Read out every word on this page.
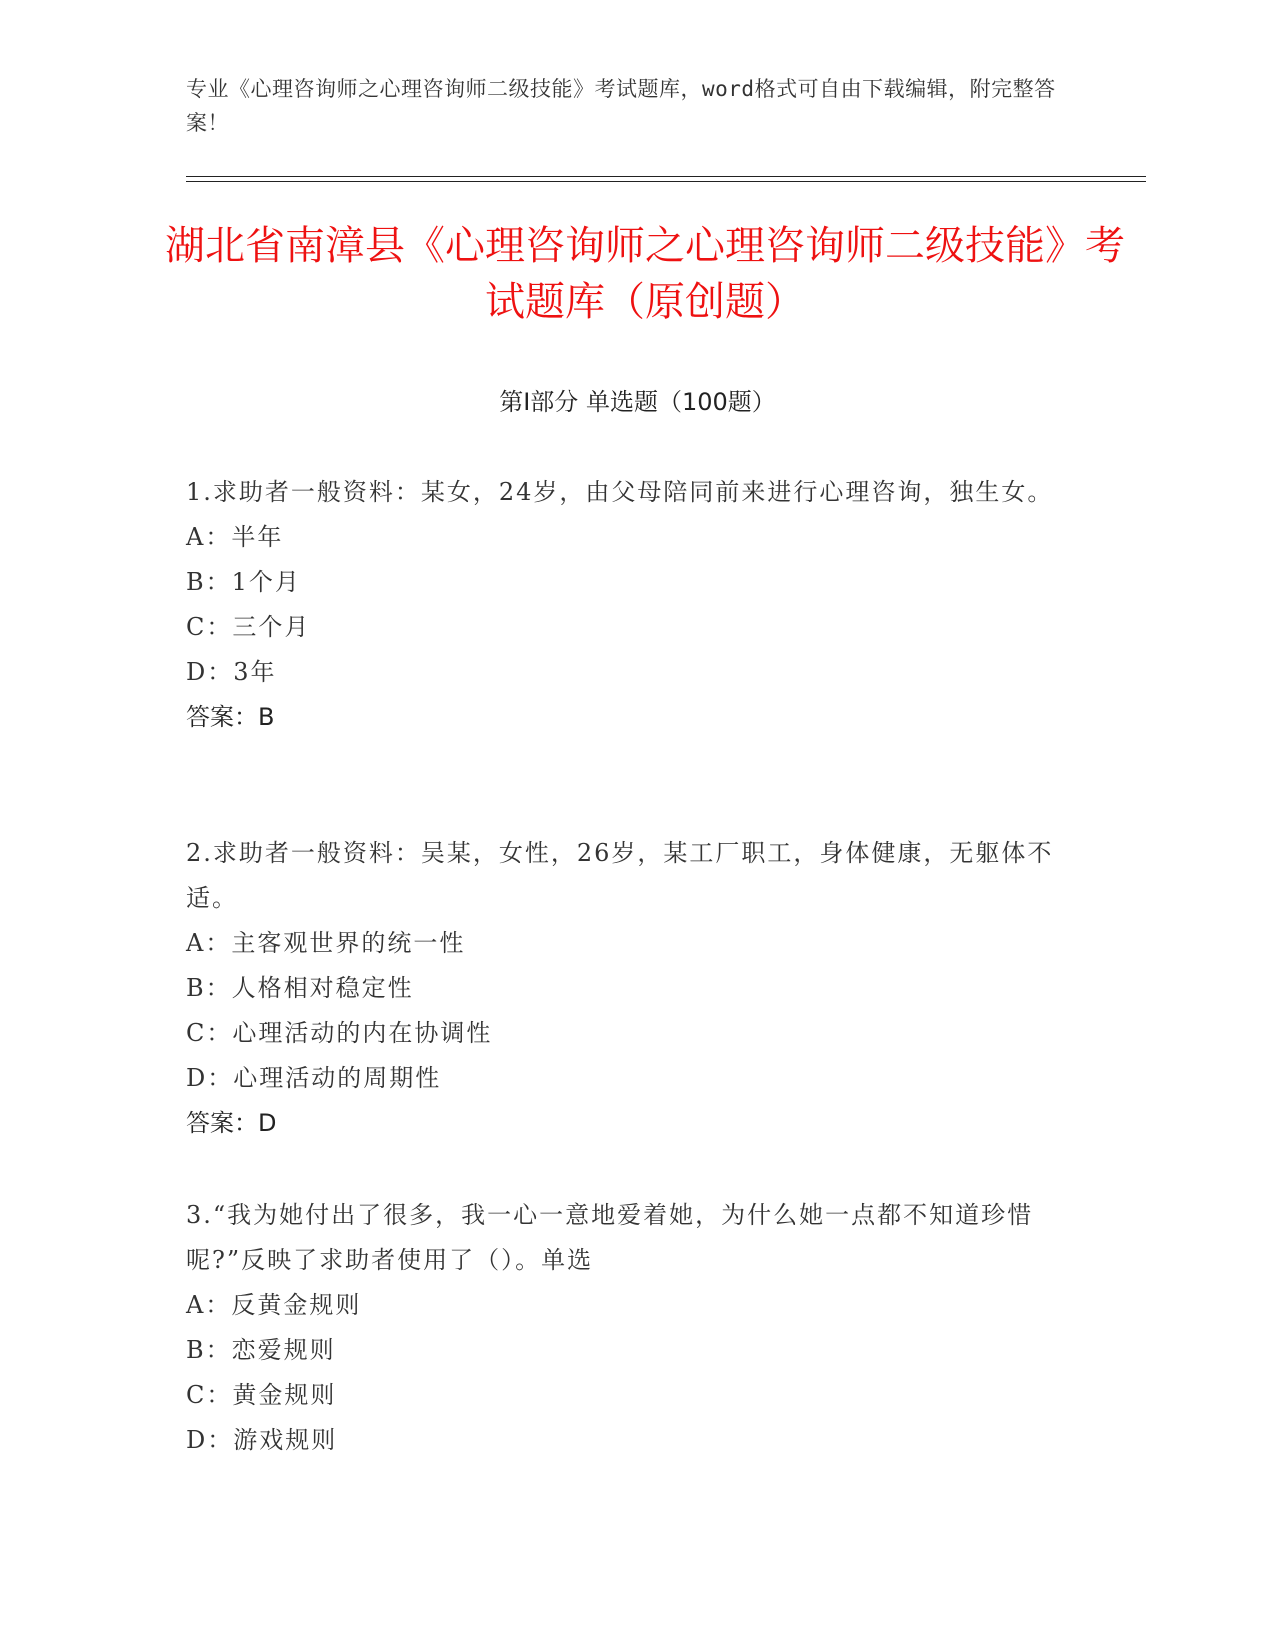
专业《心理咨询师之心理咨询师二级技能》考试题库，word格式可自由下载编辑，附完整答案！
湖北省南漳县《心理咨询师之心理咨询师二级技能》考试题库（原创题）
第Ⅰ部分 单选题（100题）
1.求助者一般资料：某女，24岁，由父母陪同前来进行心理咨询，独生女。
A：半年
B：1个月
C：三个月
D：3年
答案：B
2.求助者一般资料：吴某，女性，26岁，某工厂职工，身体健康，无躯体不适。
A：主客观世界的统一性
B：人格相对稳定性
C：心理活动的内在协调性
D：心理活动的周期性
答案：D
3.“我为她付出了很多，我一心一意地爱着她，为什么她一点都不知道珍惜呢?”反映了求助者使用了（）。单选
A：反黄金规则
B：恋爱规则
C：黄金规则
D：游戏规则
